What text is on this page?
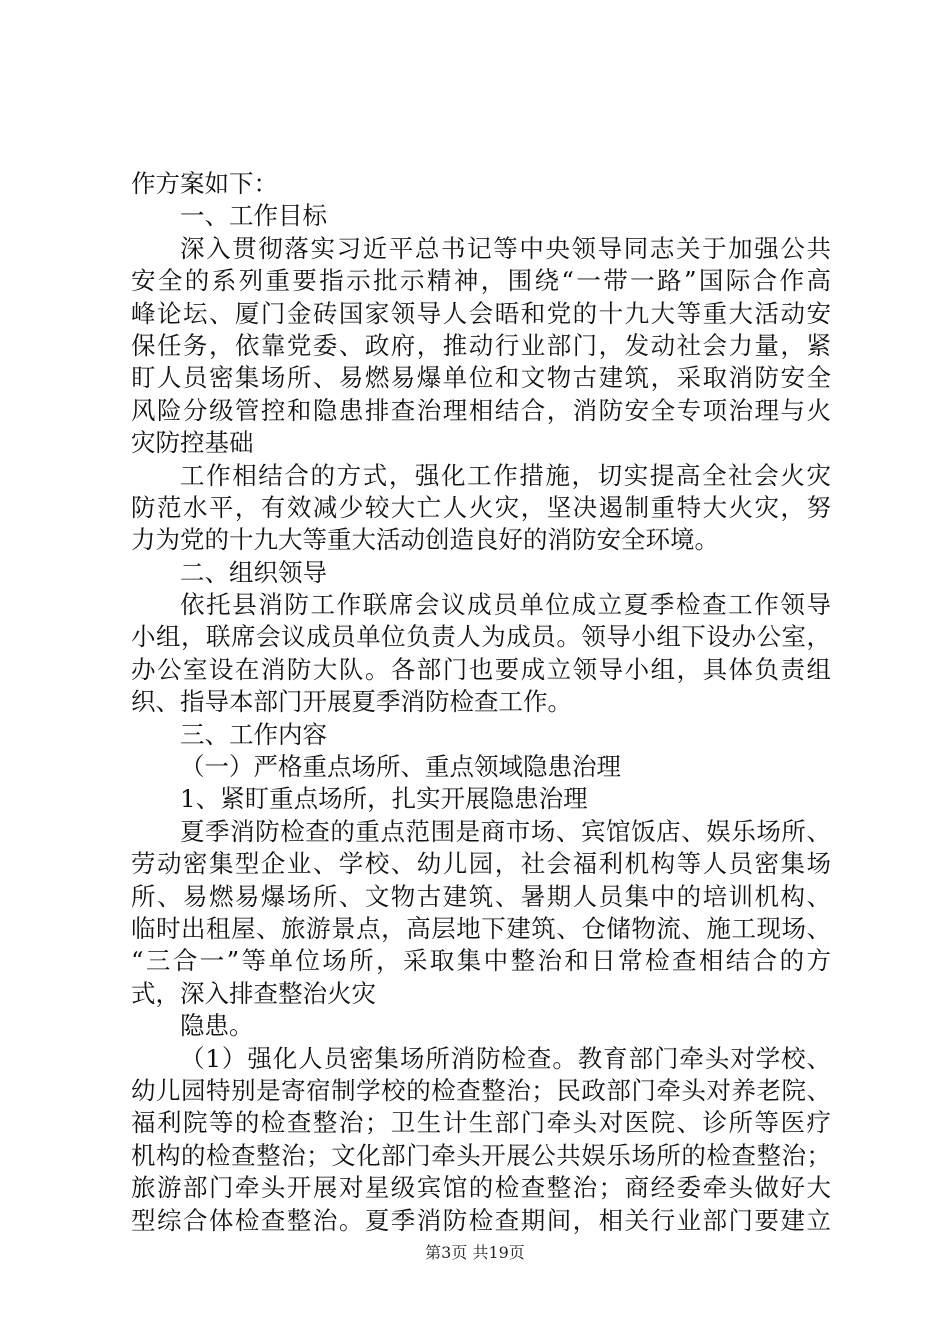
作方案如下：
一、工作目标
深入贯彻落实习近平总书记等中央领导同志关于加强公共
安全的系列重要指示批示精神，围绕“一带一路”国际合作高
峰论坛、厦门金砖国家领导人会晤和党的十九大等重大活动安
保任务，依靠党委、政府，推动行业部门，发动社会力量，紧
盯人员密集场所、易燃易爆单位和文物古建筑，采取消防安全
风险分级管控和隐患排查治理相结合，消防安全专项治理与火
灾防控基础
工作相结合的方式，强化工作措施，切实提高全社会火灾
防范水平，有效减少较大亡人火灾，坚决遏制重特大火灾，努
力为党的十九大等重大活动创造良好的消防安全环境。
二、组织领导
依托县消防工作联席会议成员单位成立夏季检查工作领导
小组，联席会议成员单位负责人为成员。领导小组下设办公室，
办公室设在消防大队。各部门也要成立领导小组，具体负责组
织、指导本部门开展夏季消防检查工作。
三、工作内容
（一）严格重点场所、重点领域隐患治理
1、紧盯重点场所，扎实开展隐患治理
夏季消防检查的重点范围是商市场、宾馆饭店、娱乐场所、
劳动密集型企业、学校、幼儿园，社会福利机构等人员密集场
所、易燃易爆场所、文物古建筑、暑期人员集中的培训机构、
临时出租屋、旅游景点，高层地下建筑、仓储物流、施工现场、
“三合一”等单位场所，采取集中整治和日常检查相结合的方
式，深入排查整治火灾
隐患。
（1）强化人员密集场所消防检查。教育部门牵头对学校、
幼儿园特别是寄宿制学校的检查整治；民政部门牵头对养老院、
福利院等的检查整治；卫生计生部门牵头对医院、诊所等医疗
机构的检查整治；文化部门牵头开展公共娱乐场所的检查整治；
旅游部门牵头开展对星级宾馆的检查整治；商经委牵头做好大
型综合体检查整治。夏季消防检查期间，相关行业部门要建立
第3页 共19页
